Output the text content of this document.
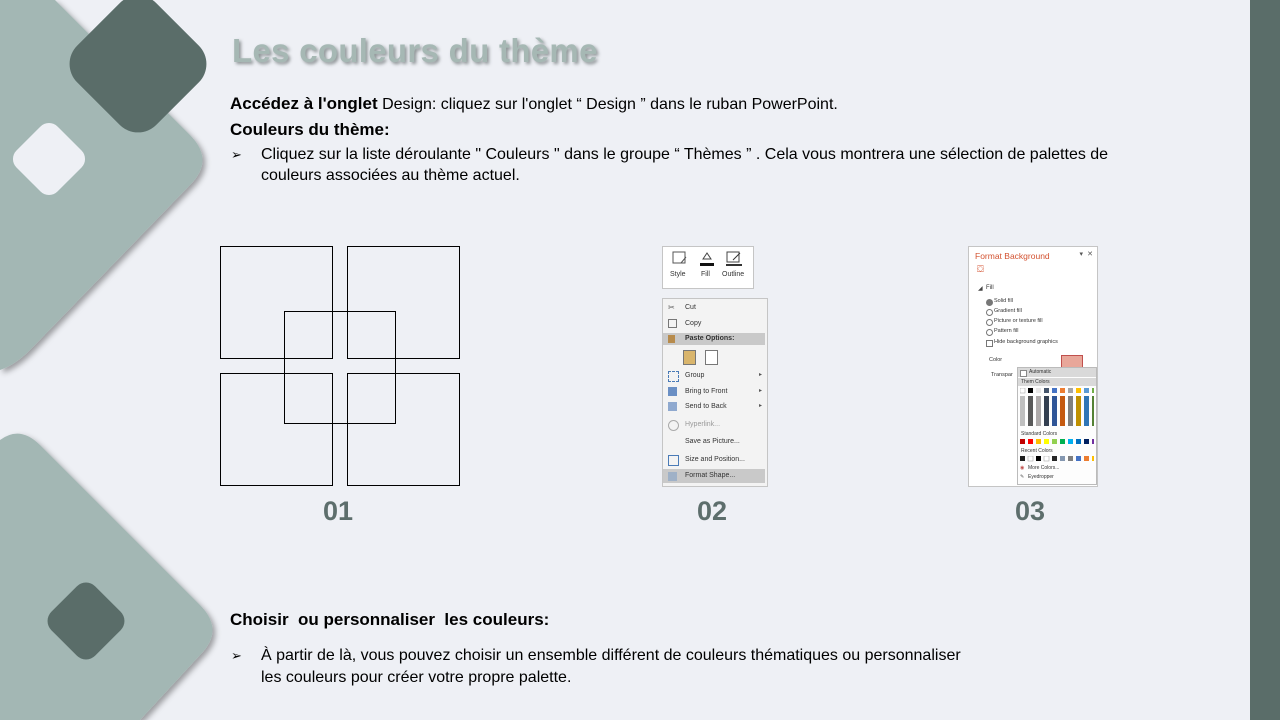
Les couleurs du thème
Accédez à l'onglet Design: cliquez sur l'onglet “ Design ” dans le ruban PowerPoint.
Couleurs du thème:
➢ Cliquez sur la liste déroulante " Couleurs " dans le groupe “ Thèmes ” . Cela vous montrera une sélection de palettes de
couleurs associées au thème actuel.
01
Style Fill Outline
✂	Cut
Copy
Paste Options:
Group	▸
Bring to Front	▸
Send to Back	▸
Hyperlink...
Save as Picture...
Size and Position...
Format Shape...
02
Format Background	▾ ✕
⛋
◢ Fill
Solid fill
Gradient fill
Picture or texture fill
Pattern fill
Hide background graphics
Color
Transpar	Automatic
Them Colors
Standard Colors
Recent Colors
◉ More Colors...
✎ Eyedropper
03
Choisir  ou personnaliser  les couleurs:
➢ À partir de là, vous pouvez choisir un ensemble différent de couleurs thématiques ou personnaliser
les couleurs pour créer votre propre palette.
